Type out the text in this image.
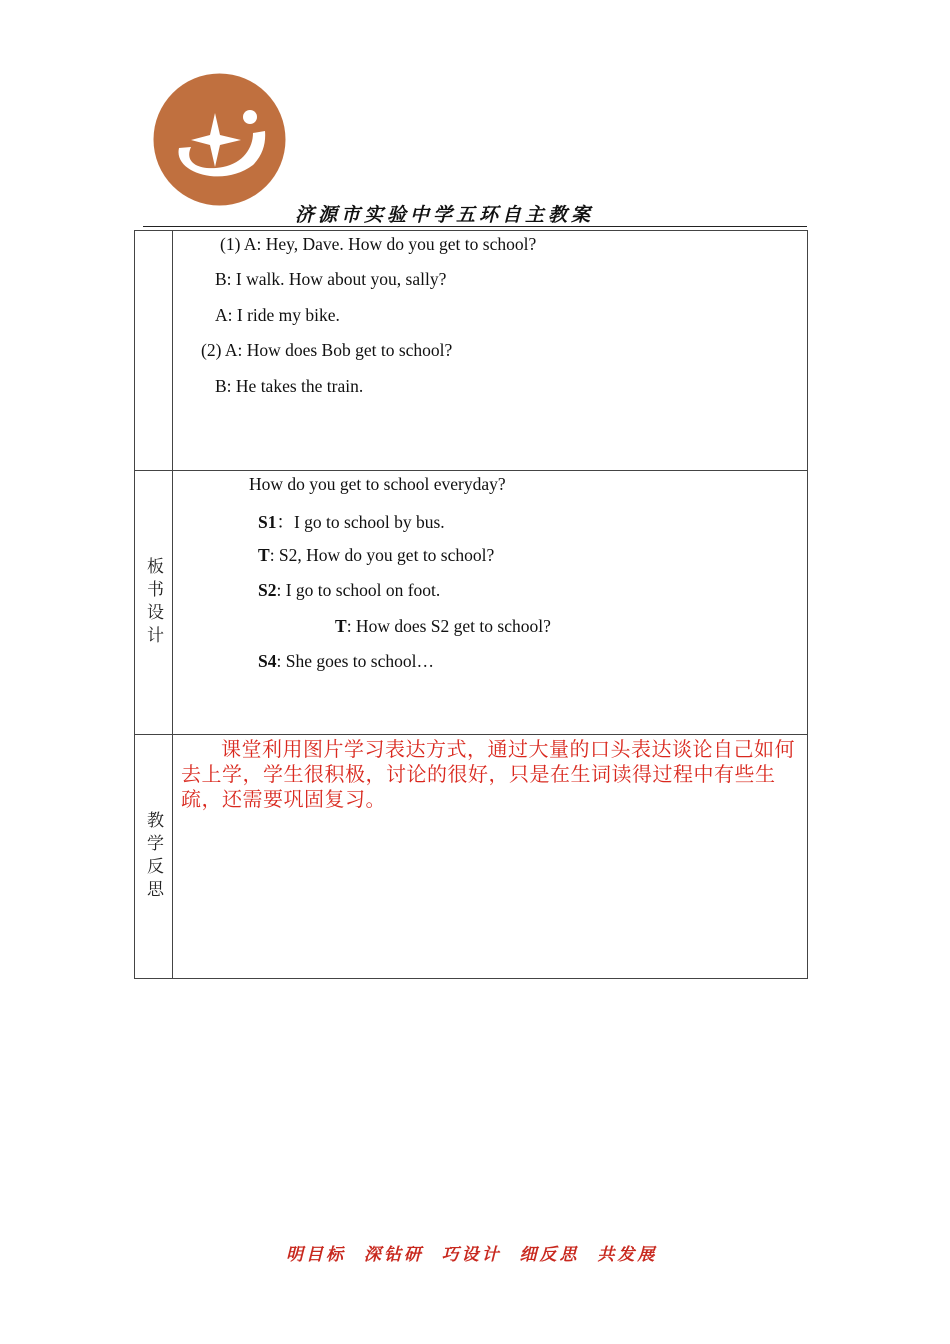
济源市实验中学五环自主教案
(1) A: Hey, Dave. How do you get to school?
B: I walk. How about you, sally?
A: I ride my bike.
(2) A: How does Bob get to school?
B: He takes the train.
板书设计
How do you get to school everyday?
S1：I go to school by bus.
T: S2, How do you get to school?
S2: I go to school on foot.
T: How does S2 get to school?
S4: She goes to school…
教学反思
课堂利用图片学习表达方式，通过大量的口头表达谈论自己如何去上学，学生很积极，讨论的很好，只是在生词读得过程中有些生疏，还需要巩固复习。
明目标  深钻研  巧设计  细反思  共发展
